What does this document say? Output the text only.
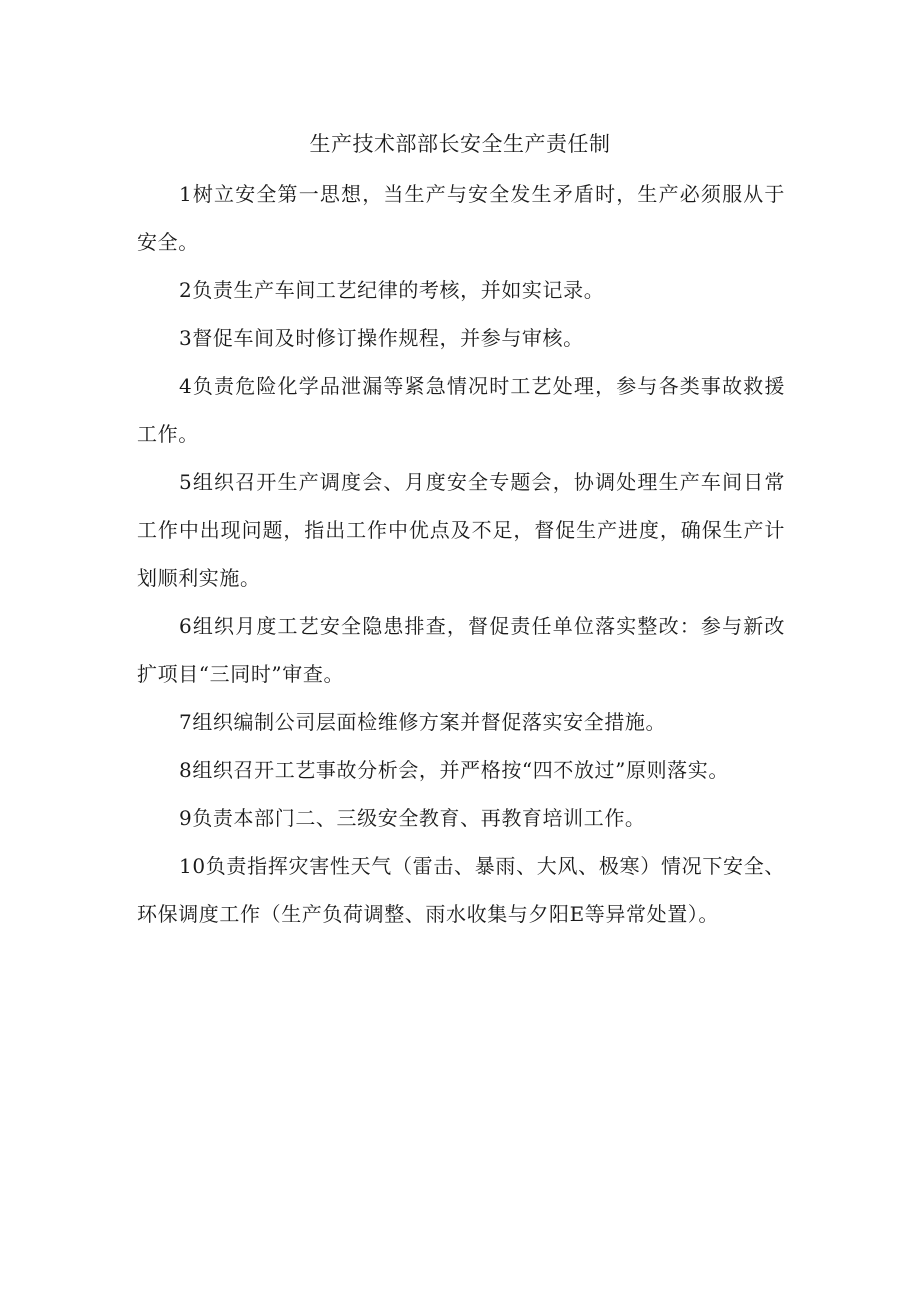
生产技术部部长安全生产责任制

1树立安全第一思想，当生产与安全发生矛盾时，生产必须服从于安全。

2负责生产车间工艺纪律的考核，并如实记录。

3督促车间及时修订操作规程，并参与审核。

4负责危险化学品泄漏等紧急情况时工艺处理，参与各类事故救援工作。

5组织召开生产调度会、月度安全专题会，协调处理生产车间日常工作中出现问题，指出工作中优点及不足，督促生产进度，确保生产计划顺利实施。

6组织月度工艺安全隐患排查，督促责任单位落实整改：参与新改扩项目“三同时”审查。

7组织编制公司层面检维修方案并督促落实安全措施。

8组织召开工艺事故分析会，并严格按“四不放过”原则落实。

9负责本部门二、三级安全教育、再教育培训工作。

10负责指挥灾害性天气（雷击、暴雨、大风、极寒）情况下安全、环保调度工作（生产负荷调整、雨水收集与夕阳E等异常处置）。
